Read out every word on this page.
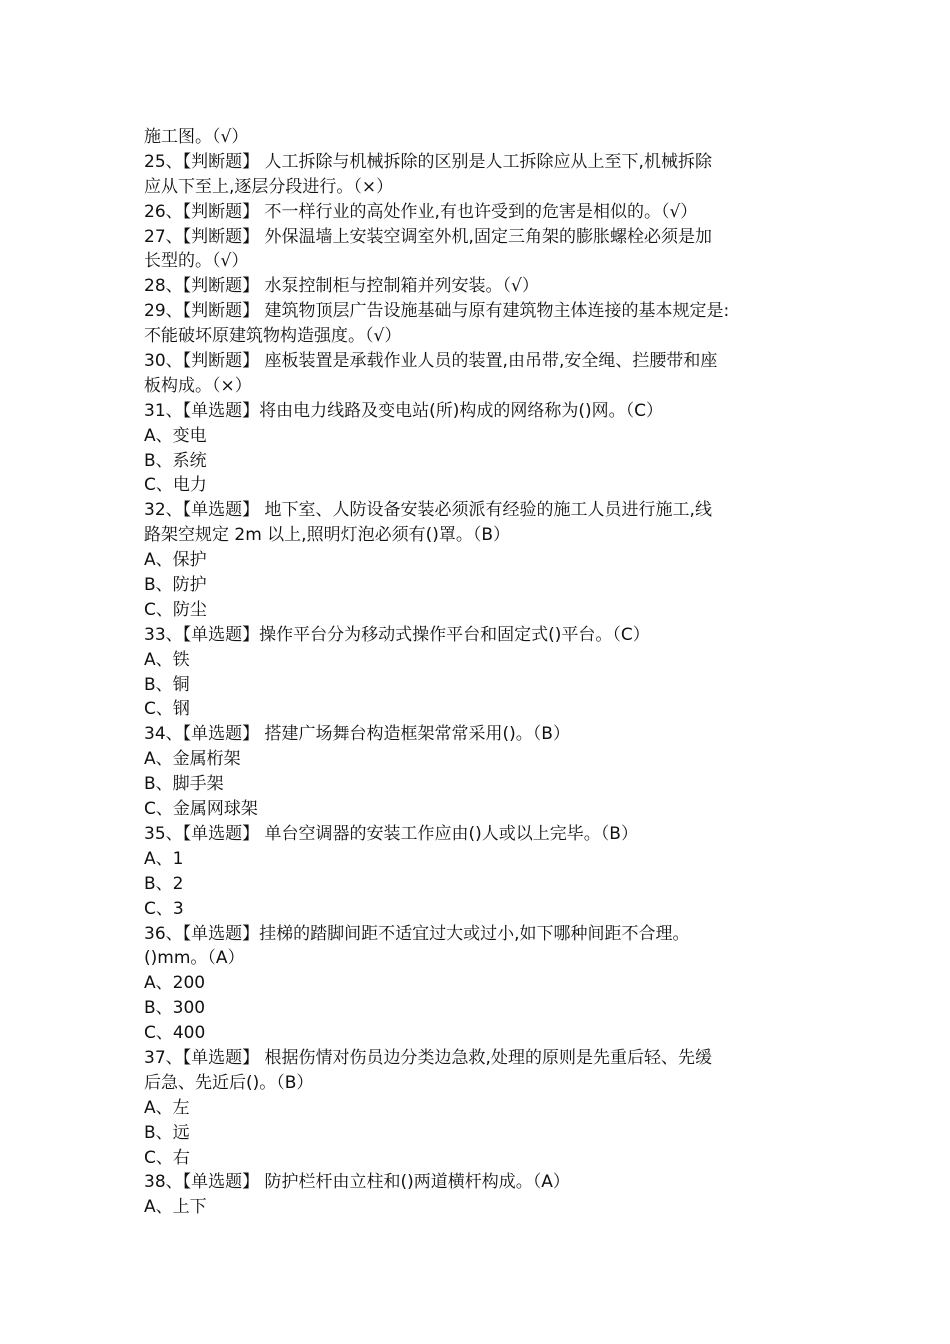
施工图。（√）
25、【判断题】 人工拆除与机械拆除的区别是人工拆除应从上至下,机械拆除
应从下至上,逐层分段进行。（×）
26、【判断题】 不一样行业的高处作业,有也许受到的危害是相似的。（√）
27、【判断题】 外保温墙上安装空调室外机,固定三角架的膨胀螺栓必须是加
长型的。（√）
28、【判断题】 水泵控制柜与控制箱并列安装。（√）
29、【判断题】 建筑物顶层广告设施基础与原有建筑物主体连接的基本规定是:
不能破坏原建筑物构造强度。（√）
30、【判断题】 座板装置是承载作业人员的装置,由吊带,安全绳、拦腰带和座
板构成。（×）
31、【单选题】将由电力线路及变电站(所)构成的网络称为()网。（C）
A、变电
B、系统
C、电力
32、【单选题】 地下室、人防设备安装必须派有经验的施工人员进行施工,线
路架空规定 2m 以上,照明灯泡必须有()罩。（B）
A、保护
B、防护
C、防尘
33、【单选题】操作平台分为移动式操作平台和固定式()平台。（C）
A、铁
B、铜
C、钢
34、【单选题】 搭建广场舞台构造框架常常采用()。（B）
A、金属桁架
B、脚手架
C、金属网球架
35、【单选题】 单台空调器的安装工作应由()人或以上完毕。（B）
A、1
B、2
C、3
36、【单选题】挂梯的踏脚间距不适宜过大或过小,如下哪种间距不合理。
()mm。（A）
A、200
B、300
C、400
37、【单选题】 根据伤情对伤员边分类边急救,处理的原则是先重后轻、先缓
后急、先近后()。（B）
A、左
B、远
C、右
38、【单选题】 防护栏杆由立柱和()两道横杆构成。（A）
A、上下
